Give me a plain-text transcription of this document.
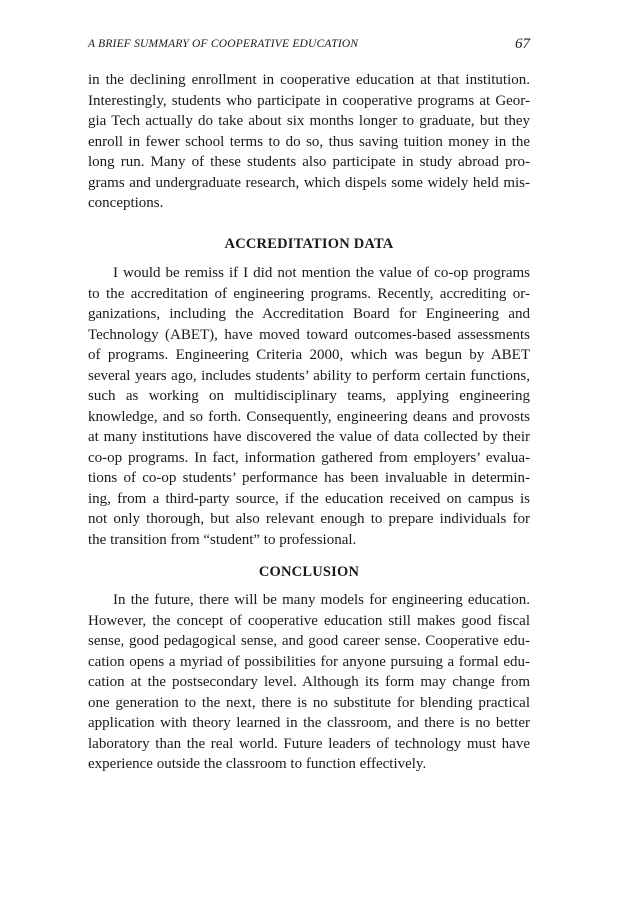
A BRIEF SUMMARY OF COOPERATIVE EDUCATION	67
in the declining enrollment in cooperative education at that institution.
Interestingly, students who participate in cooperative programs at Geor-
gia Tech actually do take about six months longer to graduate, but they
enroll in fewer school terms to do so, thus saving tuition money in the
long run. Many of these students also participate in study abroad pro-
grams and undergraduate research, which dispels some widely held mis-
conceptions.
ACCREDITATION DATA
I would be remiss if I did not mention the value of co-op programs
to the accreditation of engineering programs. Recently, accrediting or-
ganizations, including the Accreditation Board for Engineering and
Technology (ABET), have moved toward outcomes-based assessments
of programs. Engineering Criteria 2000, which was begun by ABET
several years ago, includes students’ ability to perform certain functions,
such as working on multidisciplinary teams, applying engineering
knowledge, and so forth. Consequently, engineering deans and provosts
at many institutions have discovered the value of data collected by their
co-op programs. In fact, information gathered from employers’ evalua-
tions of co-op students’ performance has been invaluable in determin-
ing, from a third-party source, if the education received on campus is
not only thorough, but also relevant enough to prepare individuals for
the transition from “student” to professional.
CONCLUSION
In the future, there will be many models for engineering education.
However, the concept of cooperative education still makes good fiscal
sense, good pedagogical sense, and good career sense. Cooperative edu-
cation opens a myriad of possibilities for anyone pursuing a formal edu-
cation at the postsecondary level. Although its form may change from
one generation to the next, there is no substitute for blending practical
application with theory learned in the classroom, and there is no better
laboratory than the real world. Future leaders of technology must have
experience outside the classroom to function effectively.
